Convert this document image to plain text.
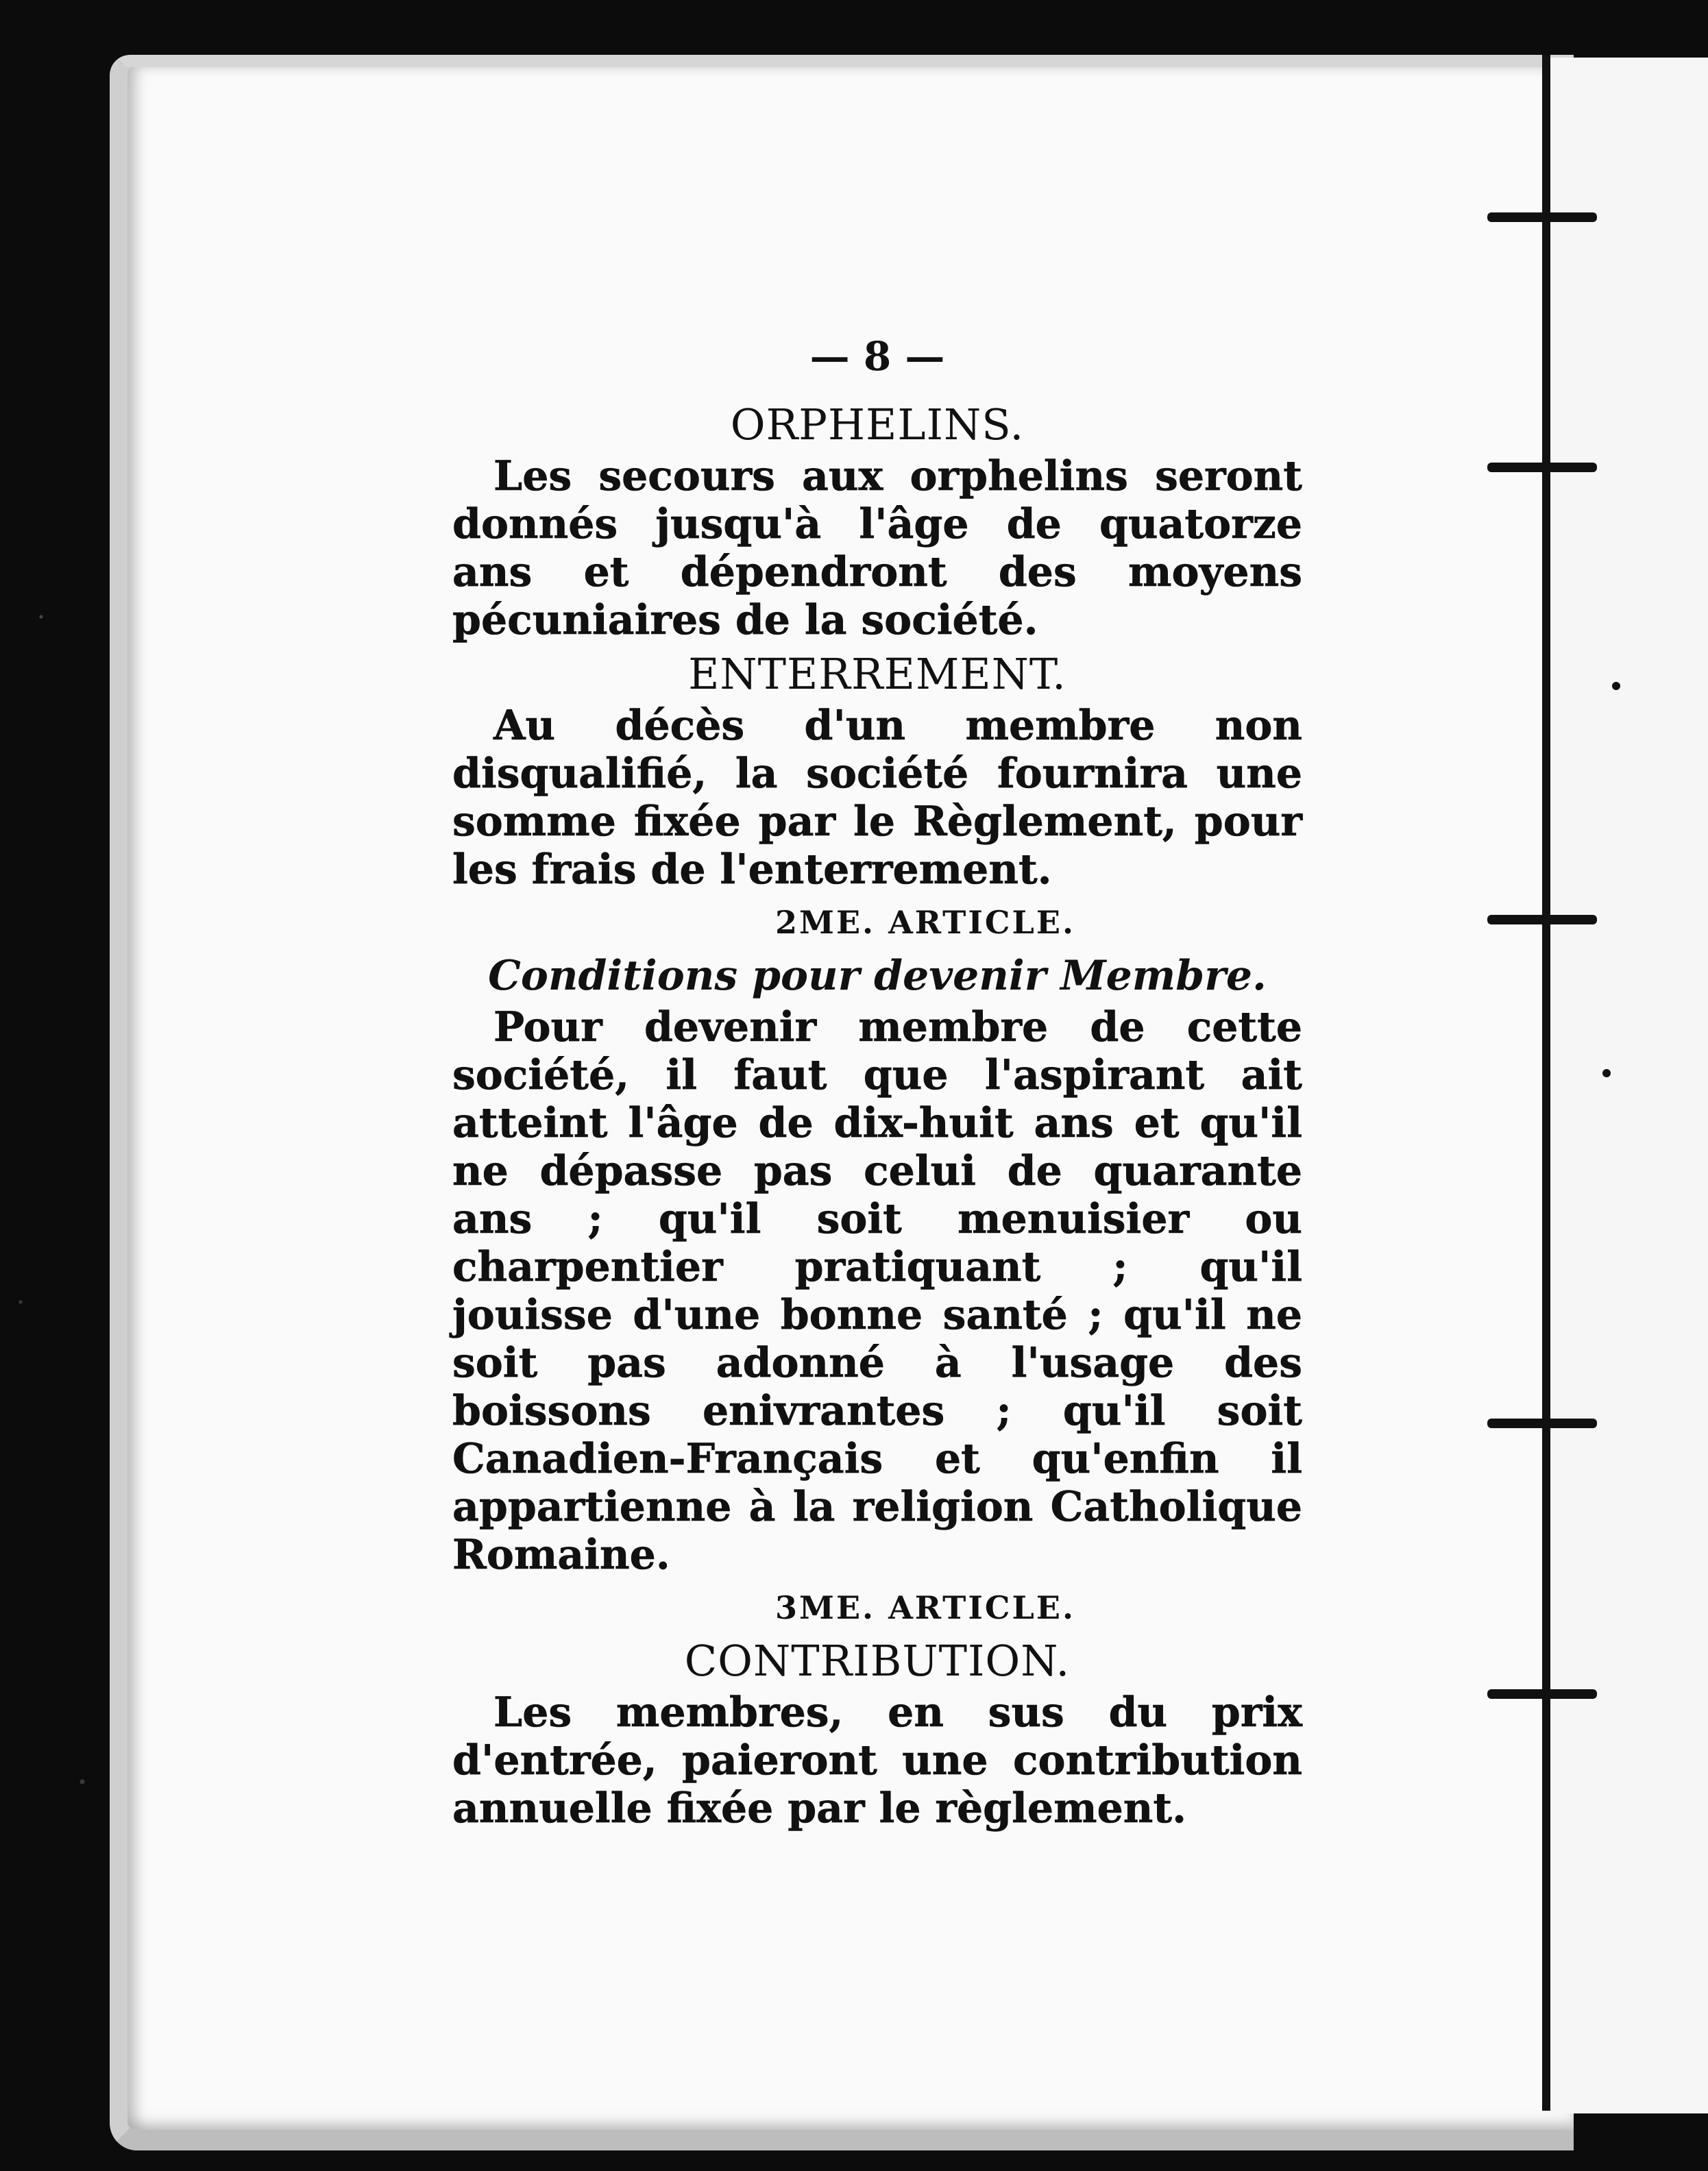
— 8 —
ORPHELINS.

Les secours aux orphelins seront donnés jusqu'à l'âge de quatorze ans et dépendront des moyens pécuniaires de la société.

ENTERREMENT.

Au décès d'un membre non disqualifié, la société fournira une somme fixée par le Règlement, pour les frais de l'enterrement.

2ME. ARTICLE.
Conditions pour devenir Membre.

Pour devenir membre de cette société, il faut que l'aspirant ait atteint l'âge de dix-huit ans et qu'il ne dépasse pas celui de quarante ans ; qu'il soit menuisier ou charpentier pratiquant ; qu'il jouisse d'une bonne santé ; qu'il ne soit pas adonné à l'usage des boissons enivrantes ; qu'il soit Canadien-Français et qu'enfin il appartienne à la religion Catholique Romaine.

3ME. ARTICLE.
CONTRIBUTION.

Les membres, en sus du prix d'entrée, paieront une contribution annuelle fixée par le règlement.
